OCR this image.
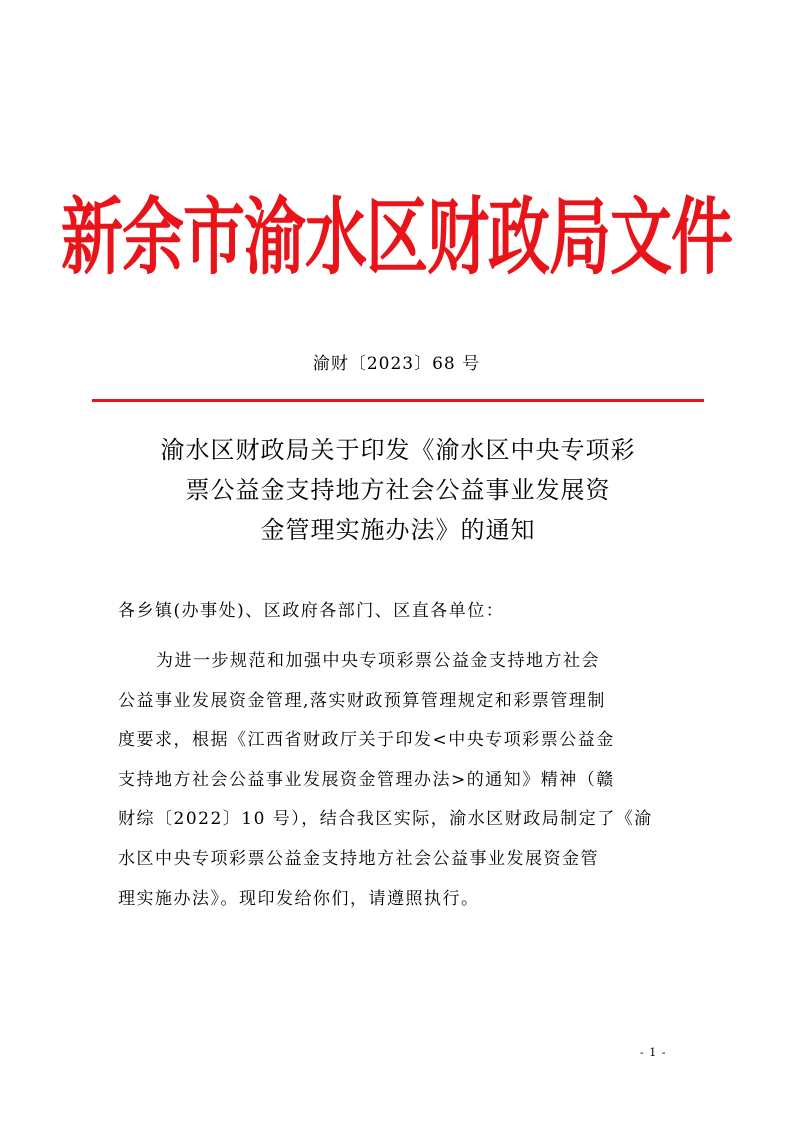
新余市渝水区财政局文件
渝财〔2023〕68 号
渝水区财政局关于印发《渝水区中央专项彩
票公益金支持地方社会公益事业发展资
金管理实施办法》的通知
各乡镇(办事处)、区政府各部门、区直各单位：
为进一步规范和加强中央专项彩票公益金支持地方社会
公益事业发展资金管理,落实财政预算管理规定和彩票管理制
度要求，根据《江西省财政厅关于印发<中央专项彩票公益金
支持地方社会公益事业发展资金管理办法>的通知》精神（赣
财综〔2022〕10 号），结合我区实际，渝水区财政局制定了《渝
水区中央专项彩票公益金支持地方社会公益事业发展资金管
理实施办法》。现印发给你们，请遵照执行。
- 1 -
